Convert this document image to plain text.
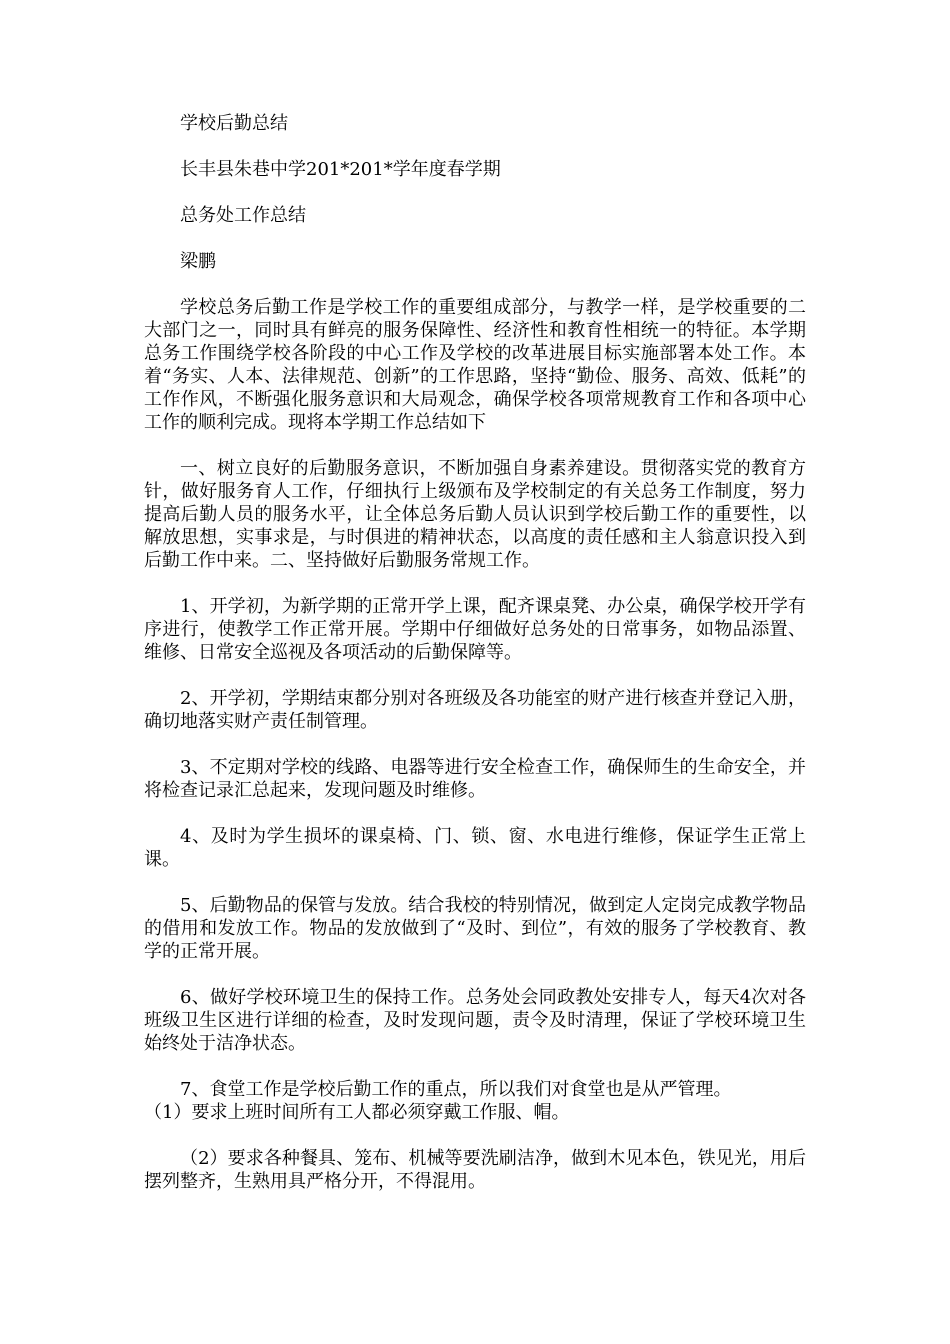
学校后勤总结

长丰县朱巷中学201*201*学年度春学期

总务处工作总结

梁鹏

学校总务后勤工作是学校工作的重要组成部分，与教学一样，是学校重要的二大部门之一，同时具有鲜亮的服务保障性、经济性和教育性相统一的特征。本学期总务工作围绕学校各阶段的中心工作及学校的改革进展目标实施部署本处工作。本着“务实、人本、法律规范、创新”的工作思路，坚持“勤俭、服务、高效、低耗”的工作作风，不断强化服务意识和大局观念，确保学校各项常规教育工作和各项中心工作的顺利完成。现将本学期工作总结如下

一、树立良好的后勤服务意识，不断加强自身素养建设。贯彻落实党的教育方针，做好服务育人工作，仔细执行上级颁布及学校制定的有关总务工作制度，努力提高后勤人员的服务水平，让全体总务后勤人员认识到学校后勤工作的重要性，以解放思想，实事求是，与时俱进的精神状态，以高度的责任感和主人翁意识投入到后勤工作中来。二、坚持做好后勤服务常规工作。

1、开学初，为新学期的正常开学上课，配齐课桌凳、办公桌，确保学校开学有序进行，使教学工作正常开展。学期中仔细做好总务处的日常事务，如物品添置、维修、日常安全巡视及各项活动的后勤保障等。

2、开学初，学期结束都分别对各班级及各功能室的财产进行核查并登记入册，确切地落实财产责任制管理。

3、不定期对学校的线路、电器等进行安全检查工作，确保师生的生命安全，并将检查记录汇总起来，发现问题及时维修。

4、及时为学生损坏的课桌椅、门、锁、窗、水电进行维修，保证学生正常上课。

5、后勤物品的保管与发放。结合我校的特别情况，做到定人定岗完成教学物品的借用和发放工作。物品的发放做到了“及时、到位”，有效的服务了学校教育、教学的正常开展。

6、做好学校环境卫生的保持工作。总务处会同政教处安排专人，每天4次对各班级卫生区进行详细的检查，及时发现问题，责令及时清理，保证了学校环境卫生始终处于洁净状态。

7、食堂工作是学校后勤工作的重点，所以我们对食堂也是从严管理。

（1）要求上班时间所有工人都必须穿戴工作服、帽。

（2）要求各种餐具、笼布、机械等要洗刷洁净，做到木见本色，铁见光，用后摆列整齐，生熟用具严格分开，不得混用。
